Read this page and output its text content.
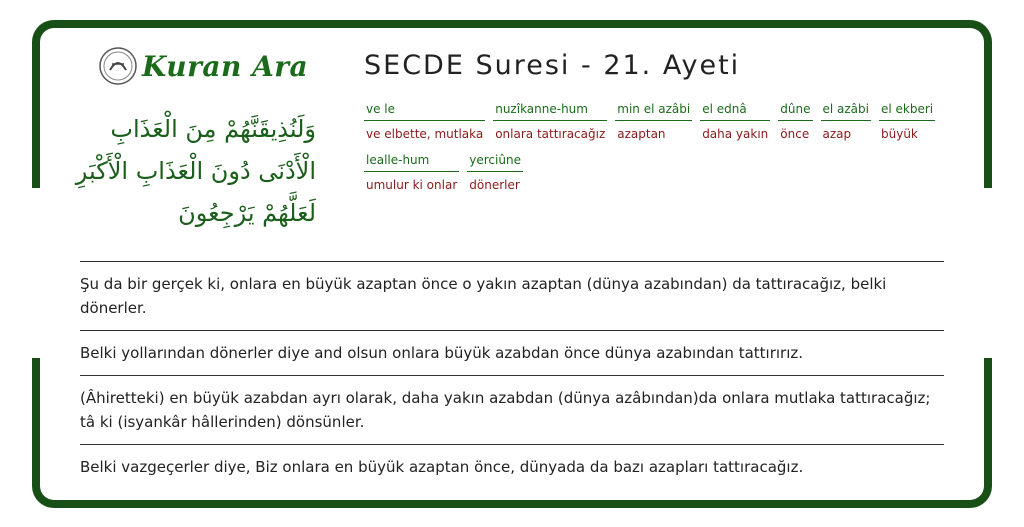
Kuran Ara
وَلَنُذِيقَنَّهُمْ مِنَ الْعَذَابِ الْأَدْنَى دُونَ الْعَذَابِ الْأَكْبَرِ لَعَلَّهُمْ يَرْجِعُونَ
SECDE Suresi - 21. Ayeti
ve le
ve elbette, mutlaka
nuzîkanne-hum
onlara tattıracağız
min el azâbi
azaptan
el ednâ
daha yakın
dûne
önce
el azâbi
azap
el ekberi
büyük
lealle-hum
umulur ki onlar
yerciûne
dönerler
Şu da bir gerçek ki, onlara en büyük azaptan önce o yakın azaptan (dünya azabından) da tattıracağız, belki dönerler.
Belki yollarından dönerler diye and olsun onlara büyük azabdan önce dünya azabından tattırırız.
(Âhiretteki) en büyük azabdan ayrı olarak, daha yakın azabdan (dünya azâbından)da onlara mutlaka tattıracağız; tâ ki (isyankâr hâllerinden) dönsünler.
Belki vazgeçerler diye, Biz onlara en büyük azaptan önce, dünyada da bazı azapları tattıracağız.
